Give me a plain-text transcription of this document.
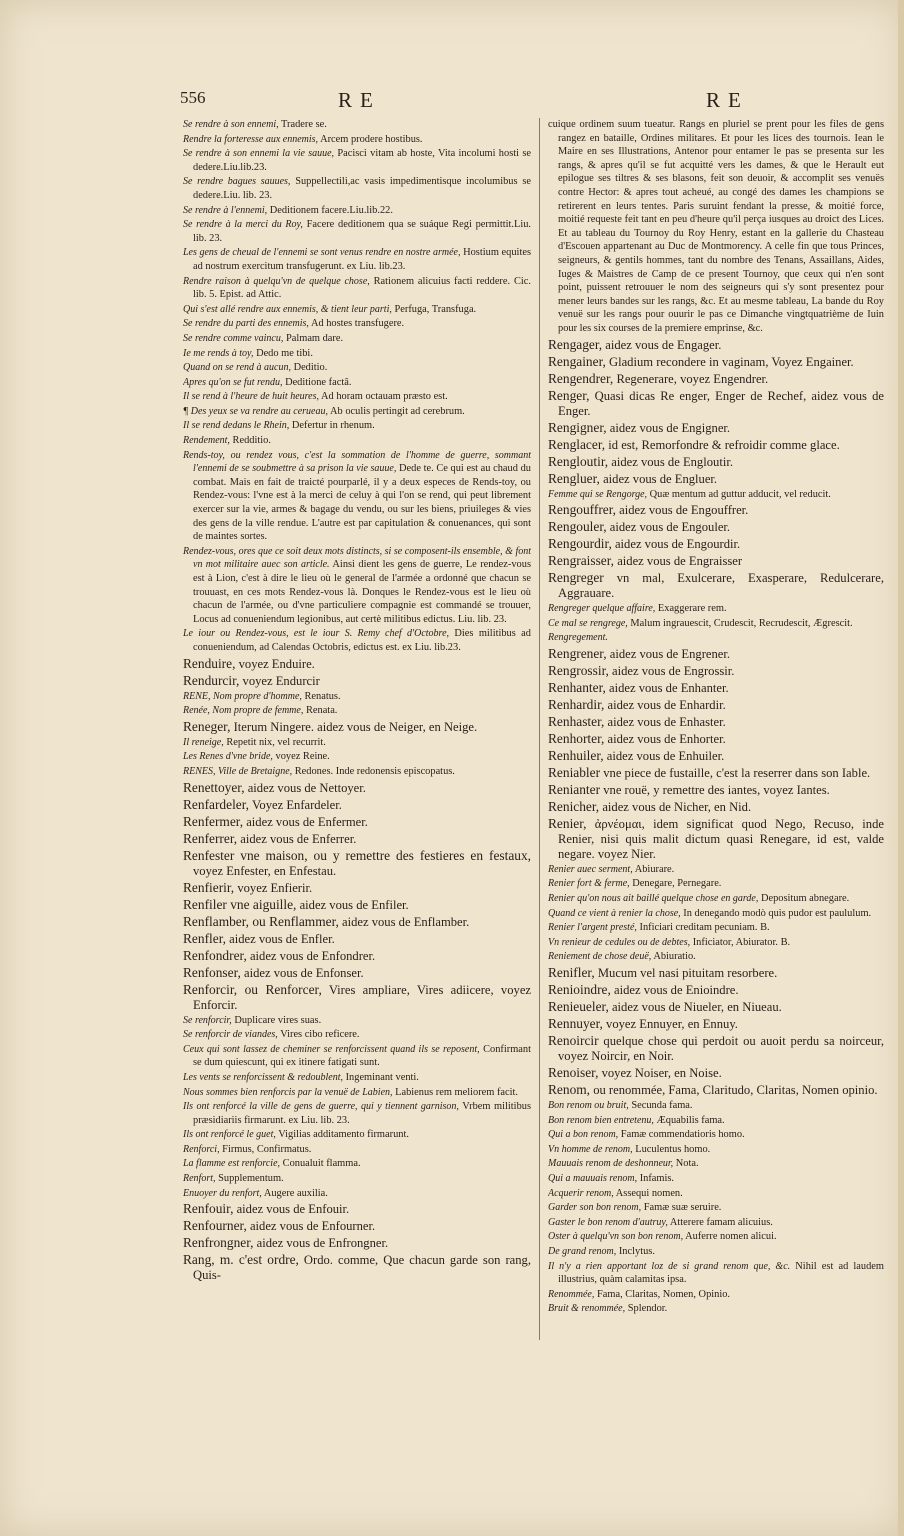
556	RE	RE

Se rendre à son ennemi, Tradere se.

Rendre la forteresse aux ennemis, Arcem prodere hostibus.

Se rendre à son ennemi la vie sauue, Pacisci vitam ab hoste, Vita incolumi hosti se dedere.Liu.lib.23.

Se rendre bagues sauues, Suppellectili,ac vasis impedimentisque incolumibus se dedere.Liu. lib. 23.

Se rendre à l'ennemi, Deditionem facere.Liu.lib.22.

Se rendre à la merci du Roy, Facere deditionem qua se suáque Regi permittit.Liu. lib. 23.

Les gens de cheual de l'ennemi se sont venus rendre en nostre armée, Hostium equites ad nostrum exercitum transfugerunt. ex Liu. lib.23.

Rendre raison à quelqu'vn de quelque chose, Rationem alicuius facti reddere. Cic. lib. 5. Epist. ad Attic.

Qui s'est allé rendre aux ennemis, & tient leur parti, Perfuga, Transfuga.

Se rendre du parti des ennemis, Ad hostes transfugere.

Se rendre comme vaincu, Palmam dare.

Ie me rends à toy, Dedo me tibi.

Quand on se rend à aucun, Deditio.

Apres qu'on se fut rendu, Deditione factâ.

Il se rend à l'heure de huit heures, Ad horam octauam præsto est.

¶ Des yeux se va rendre au cerueau, Ab oculis pertingit ad cerebrum.

Il se rend dedans le Rhein, Defertur in rhenum.

Rendement, Redditio.

Rends-toy, ou rendez vous, c'est la sommation de l'homme de guerre, sommant l'ennemi de se soubmettre à sa prison la vie sauue, Dede te. Ce qui est au chaud du combat. Mais en fait de traicté pourparlé, il y a deux especes de Rends-toy, ou Rendez-vous: l'vne est à la merci de celuy à qui l'on se rend, qui peut librement exercer sur la vie, armes & bagage du vendu, ou sur les biens, priuileges & vies des gens de la ville rendue. L'autre est par capitulation & conuenances, qui sont de maintes sortes.

Rendez-vous, ores que ce soit deux mots distincts, si se composent-ils ensemble, & font vn mot militaire auec son article. Ainsi dient les gens de guerre, Le rendez-vous est à Lion, c'est à dire le lieu où le general de l'armée a ordonné que chacun se trouuast, en ces mots Rendez-vous là. Donques le Rendez-vous est le lieu où chacun de l'armée, ou d'vne particuliere compagnie est commandé se trouuer, Locus ad conueniendum legionibus, aut certè militibus edictus. Liu. lib. 23.

Le iour ou Rendez-vous, est le iour S. Remy chef d'Octobre, Dies militibus ad conueniendum, ad Calendas Octobris, edictus est. ex Liu. lib.23.

Renduire, voyez Enduire.

Rendurcir, voyez Endurcir

RENE, Nom propre d'homme, Renatus.

Renée, Nom propre de femme, Renata.

Reneger, Iterum Ningere. aidez vous de Neiger, en Neige.

Il reneige, Repetit nix, vel recurrit.

Les Renes d'vne bride, voyez Reine.

RENES, Ville de Bretaigne, Redones. Inde redonensis episcopatus.

Renettoyer, aidez vous de Nettoyer.

Renfardeler, Voyez Enfardeler.

Renfermer, aidez vous de Enfermer.

Renferrer, aidez vous de Enferrer.

Renfester vne maison, ou y remettre des festieres en festaux, voyez Enfester, en Enfestau.

Renfierir, voyez Enfierir.

Renfiler vne aiguille, aidez vous de Enfiler.

Renflamber, ou Renflammer, aidez vous de Enflamber.

Renfler, aidez vous de Enfler.

Renfondrer, aidez vous de Enfondrer.

Renfonser, aidez vous de Enfonser.

Renforcir, ou Renforcer, Vires ampliare, Vires adiicere, voyez Enforcir.

Se renforcir, Duplicare vires suas.

Se renforcir de viandes, Vires cibo reficere.

Ceux qui sont lassez de cheminer se renforcissent quand ils se reposent, Confirmant se dum quiescunt, qui ex itinere fatigati sunt.

Les vents se renforcissent & redoublent, Ingeminant venti.

Nous sommes bien renforcis par la venuë de Labien, Labienus rem meliorem facit.

Ils ont renforcé la ville de gens de guerre, qui y tiennent garnison, Vrbem militibus præsidiariis firmarunt. ex Liu. lib. 23.

Ils ont renforcé le guet, Vigilias additamento firmarunt.

Renforci, Firmus, Confirmatus.

La flamme est renforcie, Conualuit flamma.

Renfort, Supplementum.

Enuoyer du renfort, Augere auxilia.

Renfouir, aidez vous de Enfouir.

Renfourner, aidez vous de Enfourner.

Renfrongner, aidez vous de Enfrongner.

Rang, m. c'est ordre, Ordo. comme, Que chacun garde son rang, Quis-

cuique ordinem suum tueatur. Rangs en pluriel se prent pour les files de gens rangez en bataille, Ordines militares. Et pour les lices des tournois. Iean le Maire en ses Illustrations, Antenor pour entamer le pas se presenta sur les rangs, & apres qu'il se fut acquitté vers les dames, & que le Herault eut epilogue ses tiltres & ses blasons, feit son deuoir, & accomplit ses venuës contre Hector: & apres tout acheué, au congé des dames les champions se retirerent en leurs tentes. Paris suruint fendant la presse, & moitié force, moitié requeste feit tant en peu d'heure qu'il perça iusques au droict des Lices. Et au tableau du Tournoy du Roy Henry, estant en la gallerie du Chasteau d'Escouen appartenant au Duc de Montmorency. A celle fin que tous Princes, seigneurs, & gentils hommes, tant du nombre des Tenans, Assaillans, Aides, Iuges & Maistres de Camp de ce present Tournoy, que ceux qui n'en sont point, puissent retrouuer le nom des seigneurs qui s'y sont presentez pour mener leurs bandes sur les rangs, &c. Et au mesme tableau, La bande du Roy venuë sur les rangs pour ouurir le pas ce Dimanche vingtquatrième de Iuin pour les six courses de la premiere emprinse, &c.

Rengager, aidez vous de Engager.

Rengainer, Gladium recondere in vaginam, Voyez Engainer.

Rengendrer, Regenerare, voyez Engendrer.

Renger, Quasi dicas Re enger, Enger de Rechef, aidez vous de Enger.

Rengigner, aidez vous de Engigner.

Renglacer, id est, Remorfondre & refroidir comme glace.

Rengloutir, aidez vous de Engloutir.

Rengluer, aidez vous de Engluer.

Femme qui se Rengorge, Quæ mentum ad guttur adducit, vel reducit.

Rengouffrer, aidez vous de Engouffrer.

Rengouler, aidez vous de Engouler.

Rengourdir, aidez vous de Engourdir.

Rengraisser, aidez vous de Engraisser

Rengreger vn mal, Exulcerare, Exasperare, Redulcerare, Aggrauare.

Rengreger quelque affaire, Exaggerare rem.

Ce mal se rengrege, Malum ingrauescit, Crudescit, Recrudescit, Ægrescit.

Rengregement.

Rengrener, aidez vous de Engrener.

Rengrossir, aidez vous de Engrossir.

Renhanter, aidez vous de Enhanter.

Renhardir, aidez vous de Enhardir.

Renhaster, aidez vous de Enhaster.

Renhorter, aidez vous de Enhorter.

Renhuiler, aidez vous de Enhuiler.

Reniabler vne piece de fustaille, c'est la reserrer dans son Iable.

Renianter vne rouë, y remettre des iantes, voyez Iantes.

Renicher, aidez vous de Nicher, en Nid.

Renier, ἀρνέομαι, idem significat quod Nego, Recuso, inde Renier, nisi quis malit dictum quasi Renegare, id est, valde negare. voyez Nier.

Renier auec serment, Abiurare.

Renier fort & ferme, Denegare, Pernegare.

Renier qu'on nous ait baillé quelque chose en garde, Depositum abnegare.

Quand ce vient à renier la chose, In denegando modò quis pudor est paululum.

Renier l'argent presté, Inficiari creditam pecuniam. B.

Vn renieur de cedules ou de debtes, Inficiator, Abiurator. B.

Reniement de chose deuë, Abiuratio.

Renifler, Mucum vel nasi pituitam resorbere.

Renioindre, aidez vous de Enioindre.

Renieueler, aidez vous de Niueler, en Niueau.

Rennuyer, voyez Ennuyer, en Ennuy.

Renoircir quelque chose qui perdoit ou auoit perdu sa noirceur, voyez Noircir, en Noir.

Renoiser, voyez Noiser, en Noise.

Renom, ou renommée, Fama, Claritudo, Claritas, Nomen opinio.

Bon renom ou bruit, Secunda fama.

Bon renom bien entretenu, Æquabilis fama.

Qui a bon renom, Famæ commendatioris homo.

Vn homme de renom, Luculentus homo.

Mauuais renom de deshonneur, Nota.

Qui a mauuais renom, Infamis.

Acquerir renom, Assequi nomen.

Garder son bon renom, Famæ suæ seruire.

Gaster le bon renom d'autruy, Atterere famam alicuius.

Oster à quelqu'vn son bon renom, Auferre nomen alicui.

De grand renom, Inclytus.

Il n'y a rien apportant loz de si grand renom que, &c. Nihil est ad laudem illustrius, quàm calamitas ipsa.

Renommée, Fama, Claritas, Nomen, Opinio.

Bruit & renommée, Splendor.
